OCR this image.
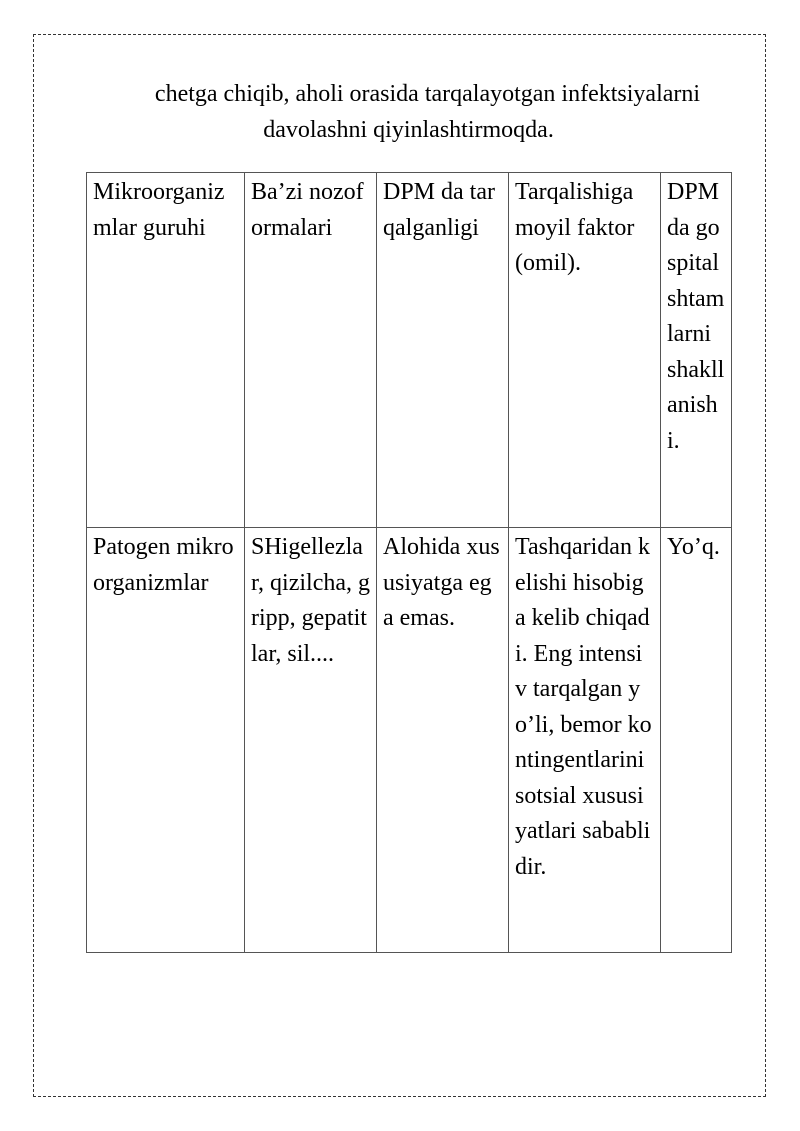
chetga chiqib, aholi orasida tarqalayotgan infektsiyalarni

davolashni qiyinlashtirmoqda.

Mikroorganizmlar guruhi	Ba’zi nozoformalari	DPM da tarqalganligi	Tarqalishiga moyil faktor (omil).	DPM da gospital shtamlarni shakllanishi.
Patogen mikroorganizmlar	SHigellezlar, qizilcha, gripp, gepatitlar, sil....	Alohida xususiyatga ega emas.	Tashqaridan kelishi hisobiga kelib chiqadi. Eng intensiv tarqalgan yo’li, bemor kontingentlarini sotsial xususiyatlari sabablidir.	Yo’q.
